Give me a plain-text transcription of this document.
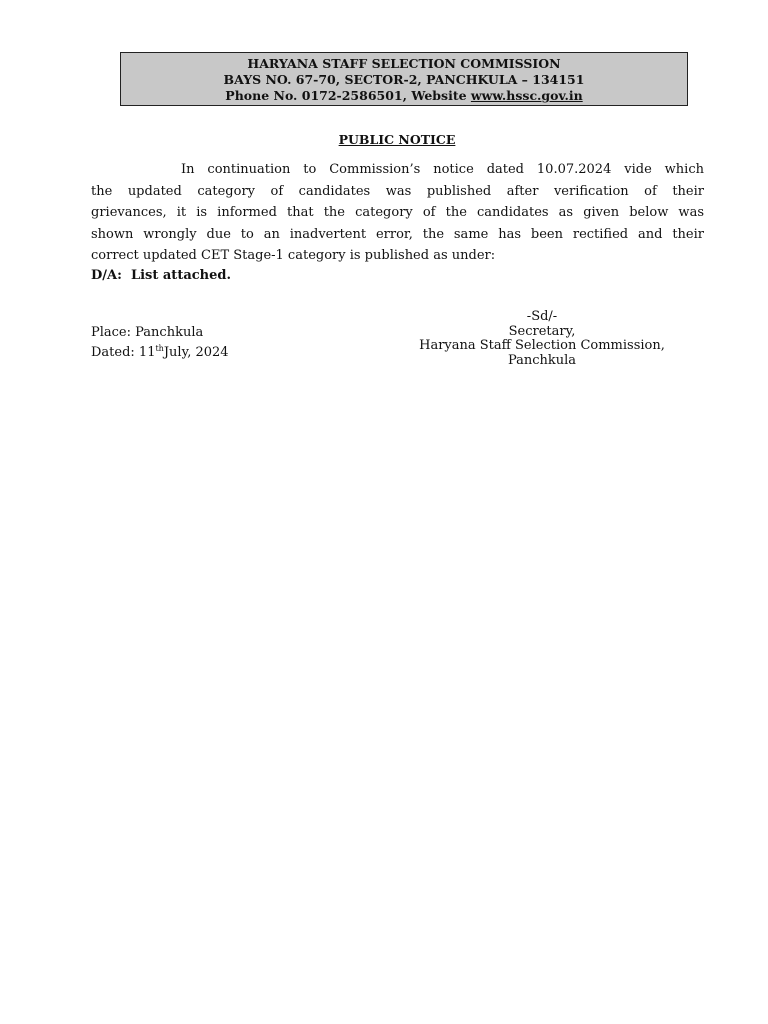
HARYANA STAFF SELECTION COMMISSION
BAYS NO. 67-70, SECTOR-2, PANCHKULA – 134151
Phone No. 0172-2586501, Website www.hssc.gov.in
PUBLIC NOTICE
In continuation to Commission’s notice dated 10.07.2024 vide which
the updated category of candidates was published after verification of their
grievances, it is informed that the category of the candidates as given below was
shown wrongly due to an inadvertent error, the same has been rectified and their
correct updated CET Stage-1 category is published as under:
D/A:  List attached.
Place: Panchkula
Dated: 11thJuly, 2024
-Sd/-
Secretary,
Haryana Staff Selection Commission,
Panchkula
